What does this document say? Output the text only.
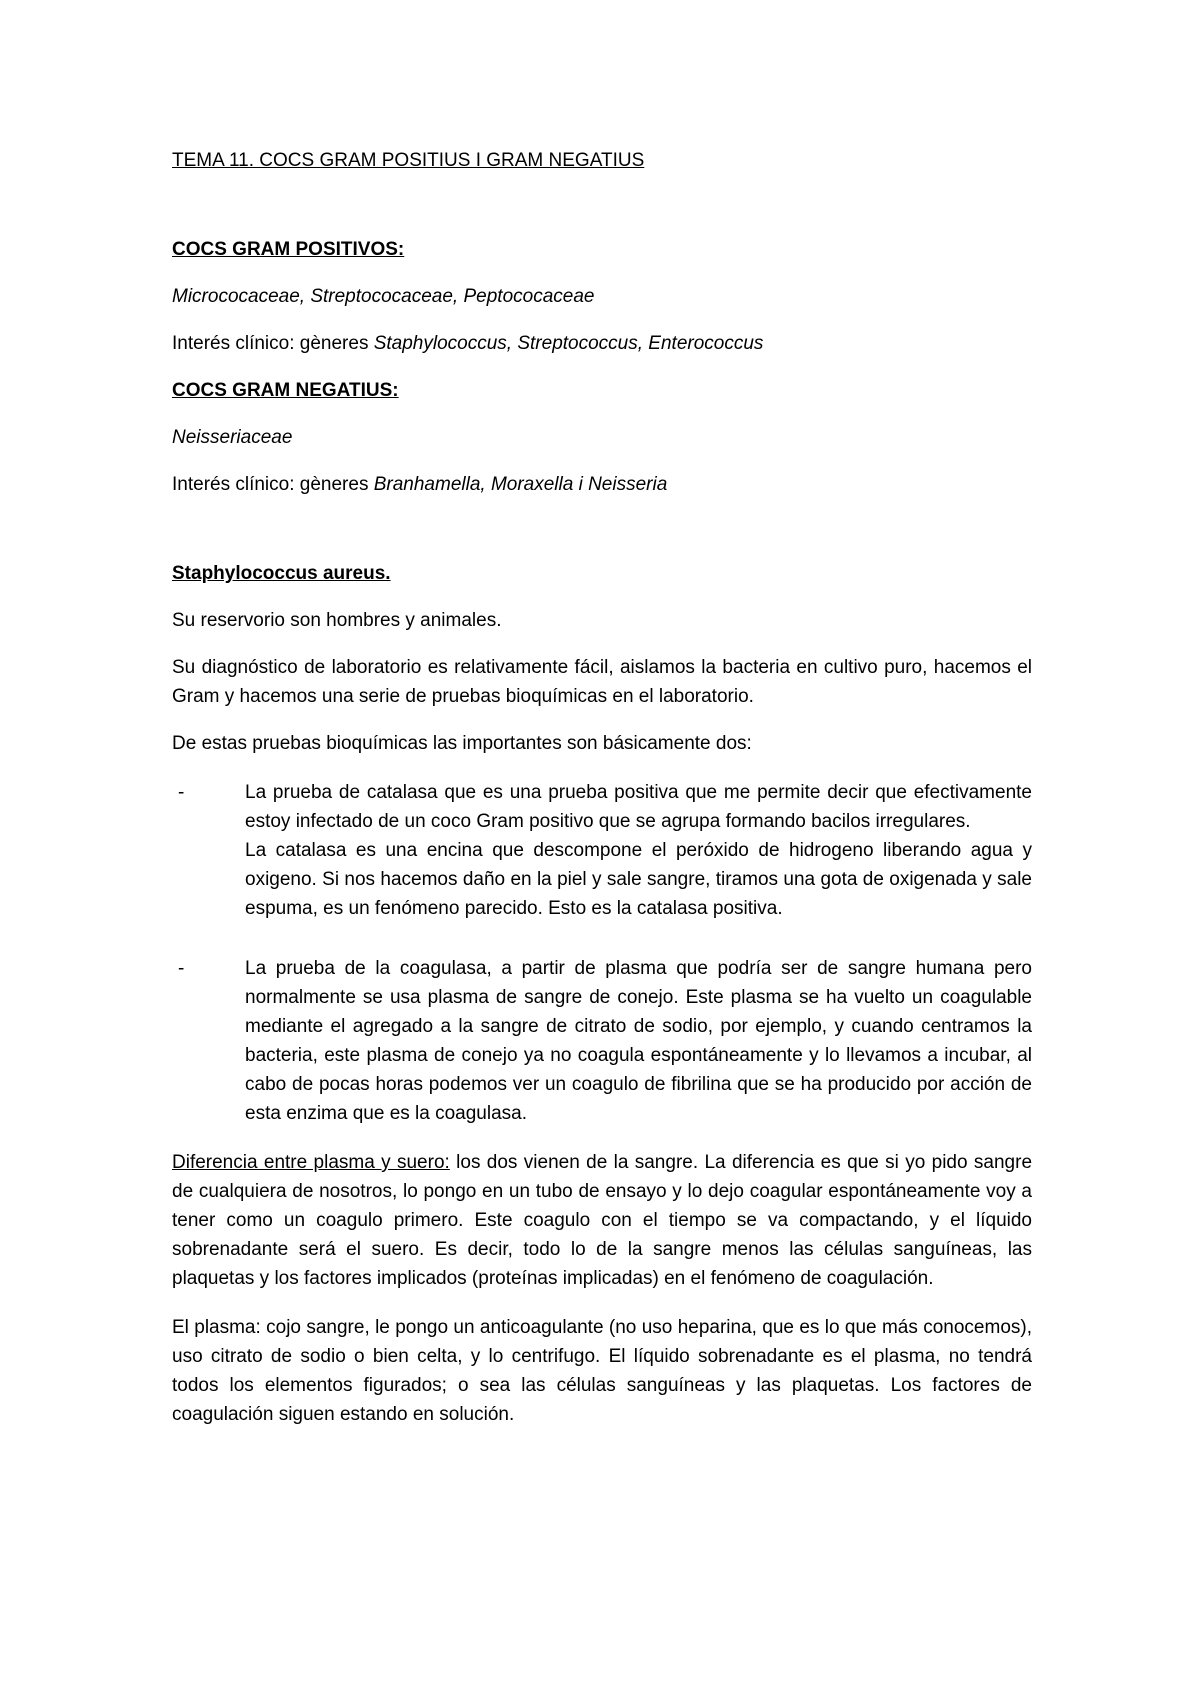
TEMA 11. COCS GRAM POSITIUS I GRAM NEGATIUS

COCS GRAM POSITIVOS:

Micrococaceae, Streptococaceae, Peptococaceae

Interés clínico: gèneres Staphylococcus, Streptococcus, Enterococcus

COCS GRAM NEGATIUS:

Neisseriaceae

Interés clínico: gèneres Branhamella, Moraxella i Neisseria

Staphylococcus aureus.

Su reservorio son hombres y animales.

Su diagnóstico de laboratorio es relativamente fácil, aislamos la bacteria en cultivo puro, hacemos el Gram y hacemos una serie de pruebas bioquímicas en el laboratorio.

De estas pruebas bioquímicas las importantes son básicamente dos:

-	La prueba de catalasa que es una prueba positiva que me permite decir que efectivamente estoy infectado de un coco Gram positivo que se agrupa formando bacilos irregulares.
La catalasa es una encina que descompone el peróxido de hidrogeno liberando agua y oxigeno. Si nos hacemos daño en la piel y sale sangre, tiramos una gota de oxigenada y sale espuma, es un fenómeno parecido. Esto es la catalasa positiva.
-	La prueba de la coagulasa, a partir de plasma que podría ser de sangre humana pero normalmente se usa plasma de sangre de conejo. Este plasma se ha vuelto un coagulable mediante el agregado a la sangre de citrato de sodio, por ejemplo, y cuando centramos la bacteria, este plasma de conejo ya no coagula espontáneamente y lo llevamos a incubar, al cabo de pocas horas podemos ver un coagulo de fibrilina que se ha producido por acción de esta enzima que es la coagulasa.

Diferencia entre plasma y suero: los dos vienen de la sangre. La diferencia es que si yo pido sangre de cualquiera de nosotros, lo pongo en un tubo de ensayo y lo dejo coagular espontáneamente voy a tener como un coagulo primero. Este coagulo con el tiempo se va compactando, y el líquido sobrenadante será el suero. Es decir, todo lo de la sangre menos las células sanguíneas, las plaquetas y los factores implicados (proteínas implicadas) en el fenómeno de coagulación.

El plasma: cojo sangre, le pongo un anticoagulante (no uso heparina, que es lo que más conocemos), uso citrato de sodio o bien celta, y lo centrifugo. El líquido sobrenadante es el plasma, no tendrá todos los elementos figurados; o sea las células sanguíneas y las plaquetas. Los factores de coagulación siguen estando en solución.
